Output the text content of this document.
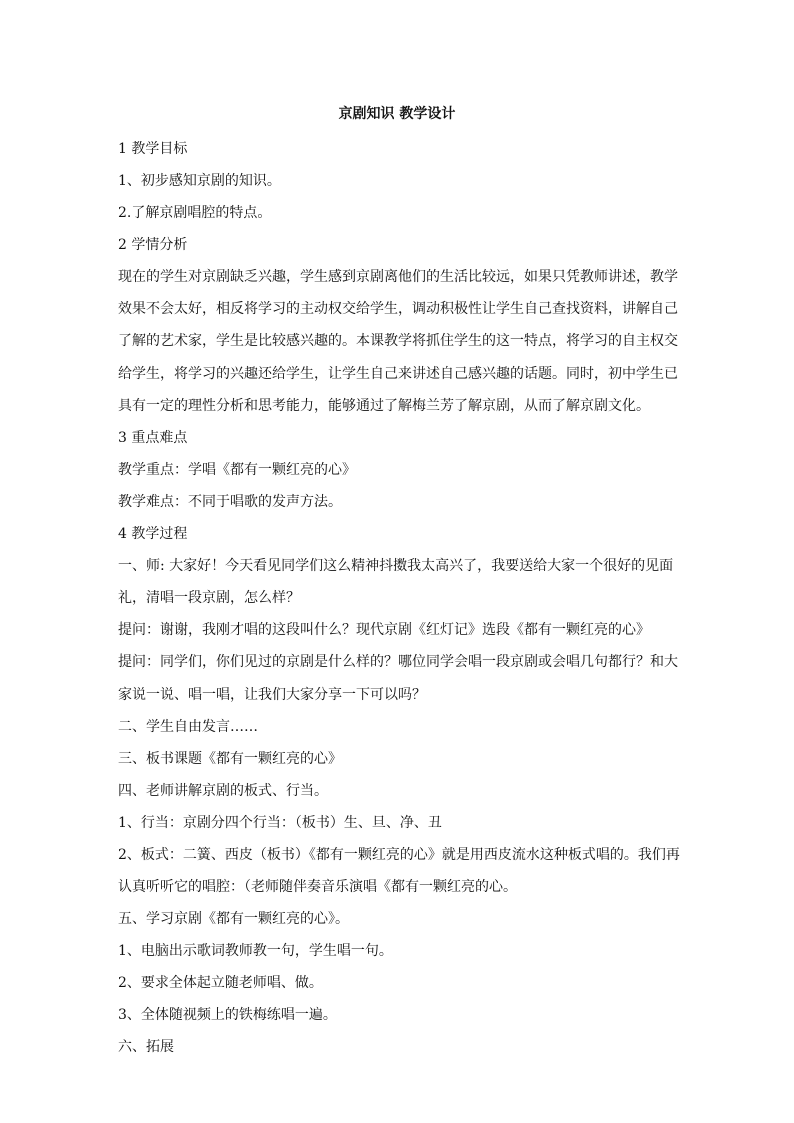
京剧知识 教学设计
1 教学目标
1、初步感知京剧的知识。
2.了解京剧唱腔的特点。
2 学情分析
现在的学生对京剧缺乏兴趣，学生感到京剧离他们的生活比较远，如果只凭教师讲述，教学效果不会太好，相反将学习的主动权交给学生，调动积极性让学生自己查找资料，讲解自己了解的艺术家，学生是比较感兴趣的。本课教学将抓住学生的这一特点，将学习的自主权交给学生，将学习的兴趣还给学生，让学生自己来讲述自己感兴趣的话题。同时，初中学生已具有一定的理性分析和思考能力，能够通过了解梅兰芳了解京剧，从而了解京剧文化。
3 重点难点
教学重点：学唱《都有一颗红亮的心》
教学难点：不同于唱歌的发声方法。
4 教学过程
一、师: 大家好！今天看见同学们这么精神抖擞我太高兴了，我要送给大家一个很好的见面礼，清唱一段京剧，怎么样？
提问：谢谢，我刚才唱的这段叫什么？现代京剧《红灯记》选段《都有一颗红亮的心》
提问：同学们，你们见过的京剧是什么样的？哪位同学会唱一段京剧或会唱几句都行？和大家说一说、唱一唱，让我们大家分享一下可以吗？
二、学生自由发言……
三、板书课题《都有一颗红亮的心》
四、老师讲解京剧的板式、行当。
1、行当：京剧分四个行当：（板书）生、旦、净、丑
2、板式：二簧、西皮（板书）《都有一颗红亮的心》就是用西皮流水这种板式唱的。我们再认真听听它的唱腔：（老师随伴奏音乐演唱《都有一颗红亮的心。
五、学习京剧《都有一颗红亮的心》。
1、电脑出示歌词教师教一句，学生唱一句。
2、要求全体起立随老师唱、做。
3、全体随视频上的铁梅练唱一遍。
六、拓展
